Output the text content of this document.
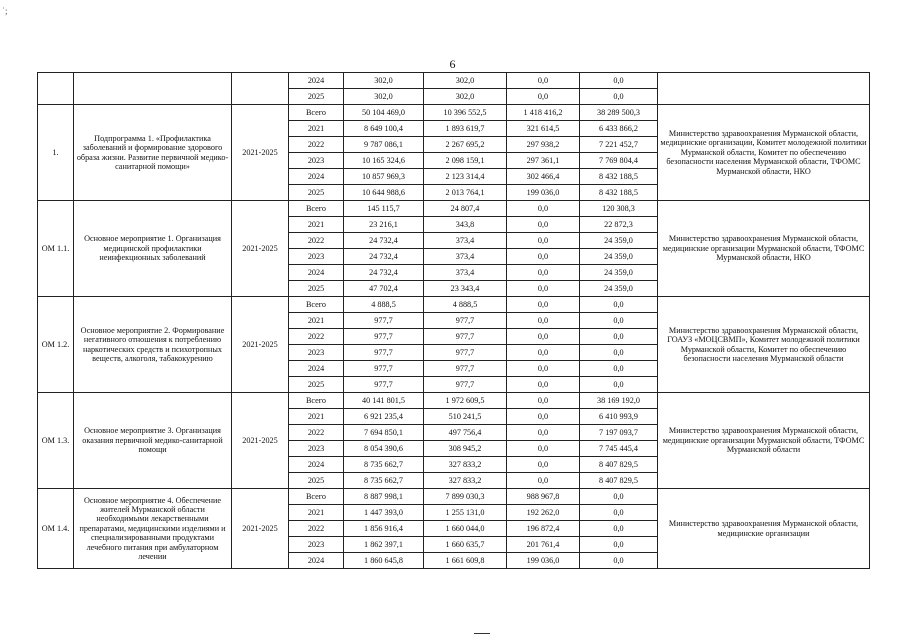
˙;
6
			2024	302,0	302,0	0,0	0,0	
			2025	302,0	302,0	0,0	0,0	
1.	Подпрограмма 1. «Профилактика заболеваний и формирование здорового образа жизни. Развитие первичной медико-санитарной помощи»	2021-2025	Всего	50 104 469,0	10 396 552,5	1 418 416,2	38 289 500,3	Министерство здравоохранения Мурманской области, медицинские организации, Комитет молодежной политики Мурманской области, Комитет по обеспечению безопасности населения Мурманской области, ТФОМС Мурманской области, НКО
			2021	8 649 100,4	1 893 619,7	321 614,5	6 433 866,2	
			2022	9 787 086,1	2 267 695,2	297 938,2	7 221 452,7	
			2023	10 165 324,6	2 098 159,1	297 361,1	7 769 804,4	
			2024	10 857 969,3	2 123 314,4	302 466,4	8 432 188,5	
			2025	10 644 988,6	2 013 764,1	199 036,0	8 432 188,5	
ОМ 1.1.	Основное мероприятие 1. Организация медицинской профилактики неинфекционных заболеваний	2021-2025	Всего	145 115,7	24 807,4	0,0	120 308,3	Министерство здравоохранения Мурманской области, медицинские организации Мурманской области, ТФОМС Мурманской области, НКО
			2021	23 216,1	343,8	0,0	22 872,3	
			2022	24 732,4	373,4	0,0	24 359,0	
			2023	24 732,4	373,4	0,0	24 359,0	
			2024	24 732,4	373,4	0,0	24 359,0	
			2025	47 702,4	23 343,4	0,0	24 359,0	
ОМ 1.2.	Основное мероприятие 2. Формирование негативного отношения к потреблению наркотических средств и психотропных веществ, алкоголя, табакокурению	2021-2025	Всего	4 888,5	4 888,5	0,0	0,0	Министерство здравоохранения Мурманской области, ГОАУЗ «МОЦСВМП», Комитет молодежной политики Мурманской области, Комитет по обеспечению безопасности населения Мурманской области
			2021	977,7	977,7	0,0	0,0	
			2022	977,7	977,7	0,0	0,0	
			2023	977,7	977,7	0,0	0,0	
			2024	977,7	977,7	0,0	0,0	
			2025	977,7	977,7	0,0	0,0	
ОМ 1.3.	Основное мероприятие 3. Организация оказания первичной медико-санитарной помощи	2021-2025	Всего	40 141 801,5	1 972 609,5	0,0	38 169 192,0	Министерство здравоохранения Мурманской области, медицинские организации Мурманской области, ТФОМС Мурманской области
			2021	6 921 235,4	510 241,5	0,0	6 410 993,9	
			2022	7 694 850,1	497 756,4	0,0	7 197 093,7	
			2023	8 054 390,6	308 945,2	0,0	7 745 445,4	
			2024	8 735 662,7	327 833,2	0,0	8 407 829,5	
			2025	8 735 662,7	327 833,2	0,0	8 407 829,5	
ОМ 1.4.	Основное мероприятие 4. Обеспечение жителей Мурманской области необходимыми лекарственными препаратами, медицинскими изделиями и специализированными продуктами лечебного питания при амбулаторном лечении	2021-2025	Всего	8 887 998,1	7 899 030,3	988 967,8	0,0	Министерство здравоохранения Мурманской области, медицинские организации
			2021	1 447 393,0	1 255 131,0	192 262,0	0,0	
			2022	1 856 916,4	1 660 044,0	196 872,4	0,0	
			2023	1 862 397,1	1 660 635,7	201 761,4	0,0	
			2024	1 860 645,8	1 661 609,8	199 036,0	0,0	
